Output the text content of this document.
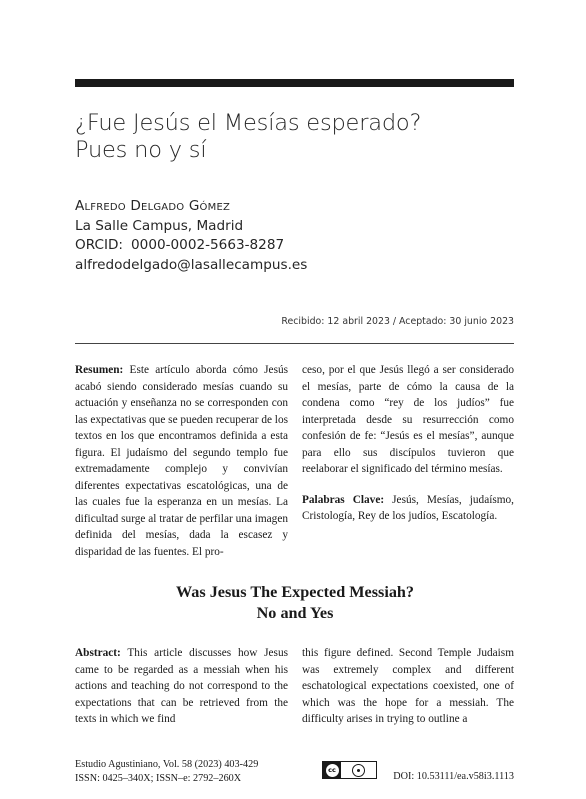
¿Fue Jesús el Mesías esperado?
Pues no y sí
Alfredo Delgado Gómez
La Salle Campus, Madrid
ORCID: 0000-0002-5663-8287
alfredodelgado@lasallecampus.es
Recibido: 12 abril 2023 / Aceptado: 30 junio 2023

Resumen: Este artículo aborda cómo Jesús acabó siendo considerado mesías cuando su actuación y enseñanza no se corresponden con las expectativas que se pueden recuperar de los textos en los que encontramos definida a esta figura. El judaísmo del segundo templo fue extremadamente complejo y convivían diferentes expectativas escatológicas, una de las cuales fue la esperanza en un mesías. La dificultad surge al tratar de perfilar una imagen definida del mesías, dada la escasez y disparidad de las fuentes. El pro-

ceso, por el que Jesús llegó a ser considerado el mesías, parte de cómo la causa de la condena como “rey de los judíos” fue interpretada desde su resurrección como confesión de fe: “Jesús es el mesías”, aunque para ello sus discípulos tuvieron que reelaborar el significado del término mesías.

Palabras Clave: Jesús, Mesías, judaísmo, Cristología, Rey de los judíos, Escatología.

Was Jesus The Expected Messiah?
No and Yes

Abstract: This article discusses how Jesus came to be regarded as a messiah when his actions and teaching do not correspond to the expectations that can be retrieved from the texts in which we find

this figure defined. Second Temple Judaism was extremely complex and different eschatological expectations coexisted, one of which was the hope for a messiah. The difficulty arises in trying to outline a

Estudio Agustiniano, Vol. 58 (2023) 403-429
ISSN: 0425–340X; ISSN–e: 2792–260X
cc
DOI: 10.53111/ea.v58i3.1113
